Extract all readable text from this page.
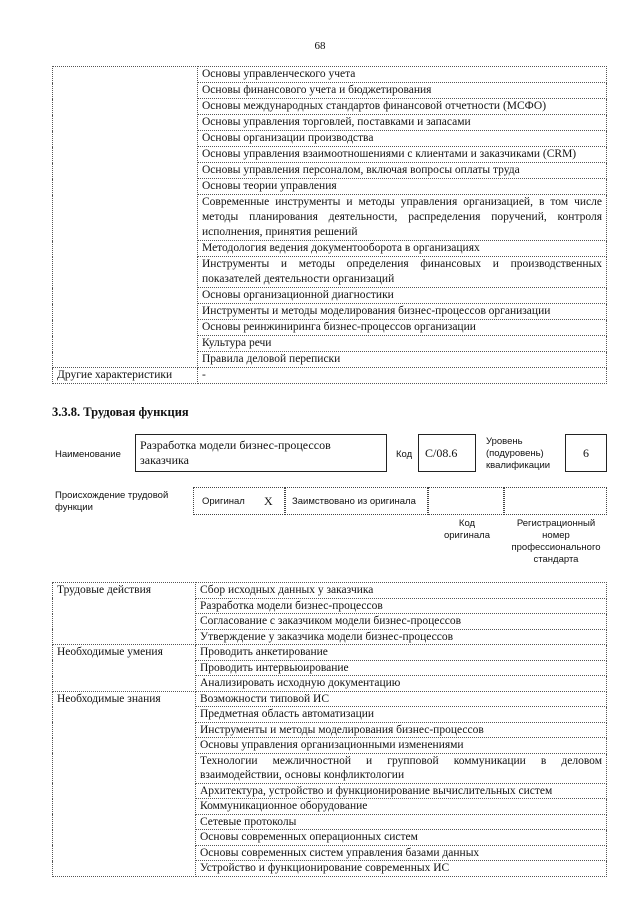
68
	Основы управленческого учета
	Основы финансового учета и бюджетирования
	Основы международных стандартов финансовой отчетности (МСФО)
	Основы управления торговлей, поставками и запасами
	Основы организации производства
	Основы управления взаимоотношениями с клиентами и заказчиками (CRM)
	Основы управления персоналом, включая вопросы оплаты труда
	Основы теории управления
	Современные инструменты и методы управления организацией, в том числе методы планирования деятельности, распределения поручений, контроля исполнения, принятия решений
	Методология ведения документооборота в организациях
	Инструменты и методы определения финансовых и производственных показателей деятельности организаций
	Основы организационной диагностики
	Инструменты и методы моделирования бизнес-процессов организации
	Основы реинжиниринга бизнес-процессов организации
	Культура речи
	Правила деловой переписки
Другие характеристики	-
3.3.8. Трудовая функция
Наименование
Разработка модели бизнес-процессов заказчика	Код	C/08.6
Уровень (подуровень) квалификации
6
Происхождение трудовой функции
Оригинал X Заимствовано из оригинала
Код оригинала
Регистрационный номер профессионального стандарта
Трудовые действия	Сбор исходных данных у заказчика
	Разработка модели бизнес-процессов
	Согласование с заказчиком модели бизнес-процессов
	Утверждение у заказчика модели бизнес-процессов
Необходимые умения	Проводить анкетирование
	Проводить интервьюирование
	Анализировать исходную документацию
Необходимые знания	Возможности типовой ИС
	Предметная область автоматизации
	Инструменты и методы моделирования бизнес-процессов
	Основы управления организационными изменениями
	Технологии межличностной и групповой коммуникации в деловом взаимодействии, основы конфликтологии
	Архитектура, устройство и функционирование вычислительных систем
	Коммуникационное оборудование
	Сетевые протоколы
	Основы современных операционных систем
	Основы современных систем управления базами данных
	Устройство и функционирование современных ИС
